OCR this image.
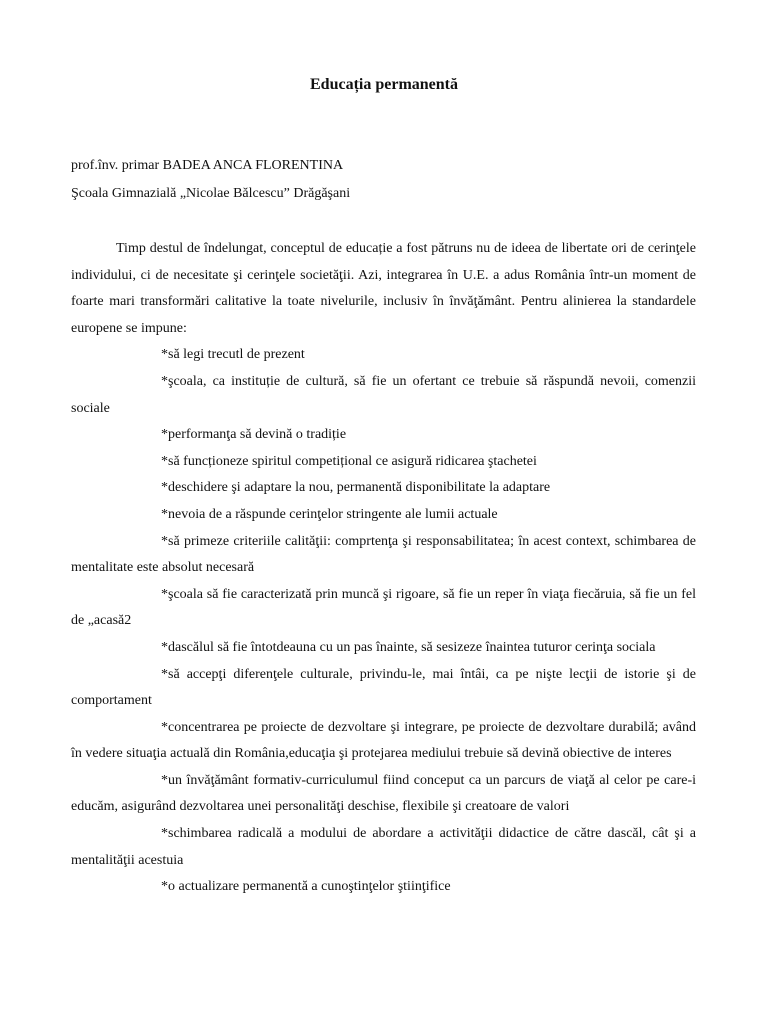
Educația permanentă
prof.înv. primar BADEA ANCA FLORENTINA
Şcoala Gimnazială „Nicolae Bălcescu” Drăgăşani

Timp destul de îndelungat, conceptul de educație a fost pătruns nu de ideea de libertate ori de cerinţele individului, ci de necesitate şi cerinţele societăţii. Azi, integrarea în U.E. a adus România într-un moment de foarte mari transformări calitative la toate nivelurile, inclusiv în învăţământ. Pentru alinierea la standardele europene se impune:

*să legi trecutl de prezent

*şcoala, ca instituție de cultură, să fie un ofertant ce trebuie să răspundă nevoii, comenzii sociale

*performanţa să devină o tradiție

*să funcționeze spiritul competițional ce asigură ridicarea ştachetei

*deschidere şi adaptare la nou, permanentă disponibilitate la adaptare

*nevoia de a răspunde cerinţelor stringente ale lumii actuale

*să primeze criteriile calităţii: comprtenţa şi responsabilitatea; în acest context, schimbarea de mentalitate este absolut necesară

*şcoala să fie caracterizată prin muncă şi rigoare, să fie un reper în viaţa fiecăruia, să fie un fel de „acasă2

*dascălul să fie întotdeauna cu un pas înainte, să sesizeze înaintea tuturor cerinţa sociala

*să accepţi diferenţele culturale, privindu-le, mai întâi, ca pe nişte lecţii de istorie şi de comportament

*concentrarea pe proiecte de dezvoltare şi integrare, pe proiecte de dezvoltare durabilă; având în vedere situaţia actuală din România,educaţia şi protejarea mediului trebuie să devină obiective de interes

*un învăţământ formativ-curriculumul fiind conceput ca un parcurs de viaţă al celor pe care-i educăm, asigurând dezvoltarea unei personalităţi deschise, flexibile şi creatoare de valori

*schimbarea radicală a modului de abordare a activităţii didactice de către dascăl, cât şi a mentalităţii acestuia

*o actualizare permanentă a cunoştinţelor ştiinţifice
